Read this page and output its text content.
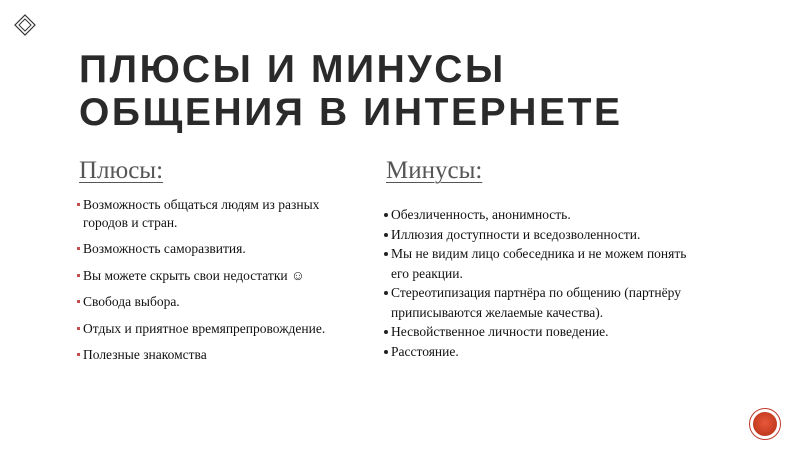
ПЛЮСЫ И МИНУСЫ
ОБЩЕНИЯ В ИНТЕРНЕТЕ
Плюсы:
Возможность общаться людям из разных городов и стран.
Возможность саморазвития.
Вы можете скрыть свои недостатки ☺
Свобода выбора.
Отдых и приятное времяпрепровождение.
Полезные знакомства
Минусы:
Обезличенность, анонимность.
Иллюзия доступности и вседозволенности.
Мы не видим лицо собеседника и не можем понять его реакции.
Стереотипизация партнёра по общению (партнёру приписываются желаемые качества).
Несвойственное личности поведение.
Расстояние.
